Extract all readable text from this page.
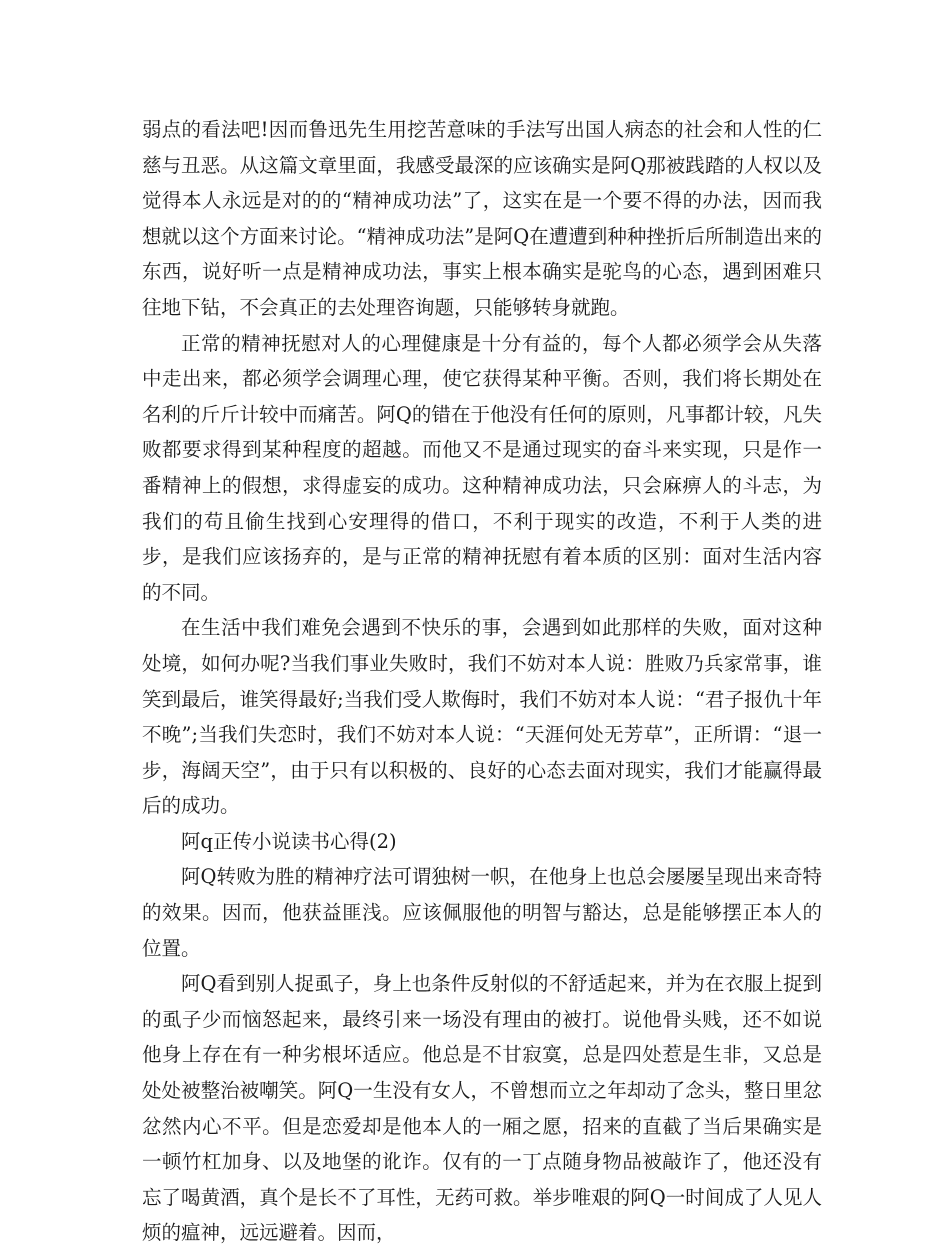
弱点的看法吧!因而鲁迅先生用挖苦意味的手法写出国人病态的社会和人性的仁慈与丑恶。从这篇文章里面，我感受最深的应该确实是阿Q那被践踏的人权以及觉得本人永远是对的的“精神成功法”了，这实在是一个要不得的办法，因而我想就以这个方面来讨论。“精神成功法”是阿Q在遭遭到种种挫折后所制造出来的东西，说好听一点是精神成功法，事实上根本确实是驼鸟的心态，遇到困难只往地下钻，不会真正的去处理咨询题，只能够转身就跑。

正常的精神抚慰对人的心理健康是十分有益的，每个人都必须学会从失落中走出来，都必须学会调理心理，使它获得某种平衡。否则，我们将长期处在名利的斤斤计较中而痛苦。阿Q的错在于他没有任何的原则，凡事都计较，凡失败都要求得到某种程度的超越。而他又不是通过现实的奋斗来实现，只是作一番精神上的假想，求得虚妄的成功。这种精神成功法，只会麻痹人的斗志，为我们的苟且偷生找到心安理得的借口，不利于现实的改造，不利于人类的进步，是我们应该扬弃的，是与正常的精神抚慰有着本质的区别：面对生活内容的不同。

在生活中我们难免会遇到不快乐的事，会遇到如此那样的失败，面对这种处境，如何办呢?当我们事业失败时，我们不妨对本人说：胜败乃兵家常事，谁笑到最后，谁笑得最好;当我们受人欺侮时，我们不妨对本人说：“君子报仇十年不晚”;当我们失恋时，我们不妨对本人说：“天涯何处无芳草”，正所谓：“退一步，海阔天空”，由于只有以积极的、良好的心态去面对现实，我们才能赢得最后的成功。

阿q正传小说读书心得(2)

阿Q转败为胜的精神疗法可谓独树一帜，在他身上也总会屡屡呈现出来奇特的效果。因而，他获益匪浅。应该佩服他的明智与豁达，总是能够摆正本人的位置。

阿Q看到别人捉虱子，身上也条件反射似的不舒适起来，并为在衣服上捉到的虱子少而恼怒起来，最终引来一场没有理由的被打。说他骨头贱，还不如说他身上存在有一种劣根坏适应。他总是不甘寂寞，总是四处惹是生非，又总是处处被整治被嘲笑。阿Q一生没有女人，不曾想而立之年却动了念头，整日里忿忿然内心不平。但是恋爱却是他本人的一厢之愿，招来的直截了当后果确实是一顿竹杠加身、以及地堡的讹诈。仅有的一丁点随身物品被敲诈了，他还没有忘了喝黄酒，真个是长不了耳性，无药可救。举步唯艰的阿Q一时间成了人见人烦的瘟神，远远避着。因而，
